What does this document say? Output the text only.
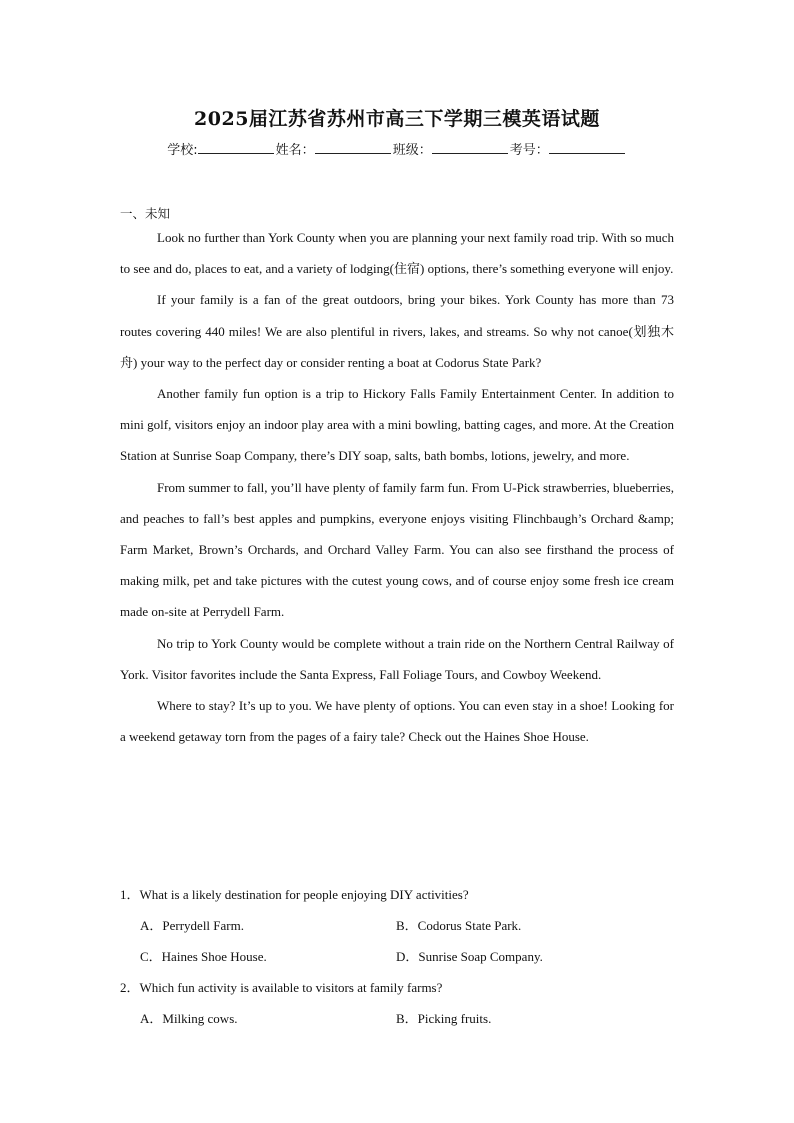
2025届江苏省苏州市高三下学期三模英语试题
学校:	姓名：	班级：	考号：
一、未知

Look no further than York County when you are planning your next family road trip. With so much to see and do, places to eat, and a variety of lodging(住宿) options, there’s something everyone will enjoy.

If your family is a fan of the great outdoors, bring your bikes. York County has more than 73 routes covering 440 miles! We are also plentiful in rivers, lakes, and streams. So why not canoe(划独木舟) your way to the perfect day or consider renting a boat at Codorus State Park?

Another family fun option is a trip to Hickory Falls Family Entertainment Center. In addition to mini golf, visitors enjoy an indoor play area with a mini bowling, batting cages, and more. At the Creation Station at Sunrise Soap Company, there’s DIY soap, salts, bath bombs, lotions, jewelry, and more.

From summer to fall, you’ll have plenty of family farm fun. From U-Pick strawberries, blueberries, and peaches to fall’s best apples and pumpkins, everyone enjoys visiting Flinchbaugh’s Orchard &amp; Farm Market, Brown’s Orchards, and Orchard Valley Farm. You can also see firsthand the process of making milk, pet and take pictures with the cutest young cows, and of course enjoy some fresh ice cream made on-site at Perrydell Farm.

No trip to York County would be complete without a train ride on the Northern Central Railway of York. Visitor favorites include the Santa Express, Fall Foliage Tours, and Cowboy Weekend.

Where to stay? It’s up to you. We have plenty of options. You can even stay in a shoe! Looking for a weekend getaway torn from the pages of a fairy tale? Check out the Haines Shoe House.

1．What is a likely destination for people enjoying DIY activities?
A．Perrydell Farm.	B．Codorus State Park.
C．Haines Shoe House.	D．Sunrise Soap Company.
2．Which fun activity is available to visitors at family farms?
A．Milking cows.	B．Picking fruits.
